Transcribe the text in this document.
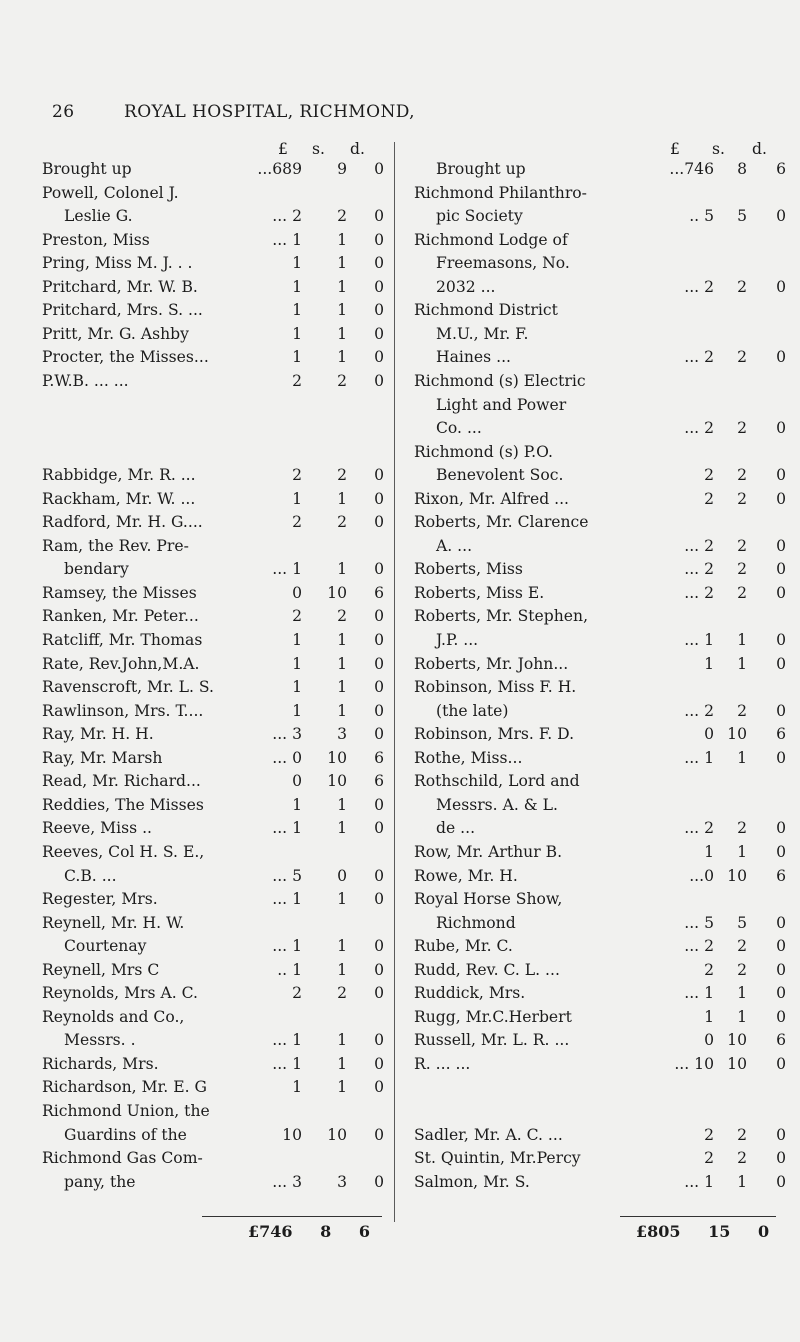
26	ROYAL HOSPITAL, RICHMOND,
£ s. d.
Brought up	...689	9	0
Powell, Colonel J.
Leslie G.	... 2	2	0
Preston, Miss	... 1	1	0
Pring, Miss M. J. . .	1	1	0
Pritchard, Mr. W. B.	1	1	0
Pritchard, Mrs. S. ...	1	1	0
Pritt, Mr. G. Ashby	1	1	0
Procter, the Misses...	1	1	0
P.W.B. ... ...	2	2	0
Rabbidge, Mr. R. ...	2	2	0
Rackham, Mr. W. ...	1	1	0
Radford, Mr. H. G....	2	2	0
Ram, the Rev. Pre-
bendary	... 1	1	0
Ramsey, the Misses	0	10	6
Ranken, Mr. Peter...	2	2	0
Ratcliff, Mr. Thomas	1	1	0
Rate, Rev.John,M.A.	1	1	0
Ravenscroft, Mr. L. S.	1	1	0
Rawlinson, Mrs. T....	1	1	0
Ray, Mr. H. H.	... 3	3	0
Ray, Mr. Marsh	... 0	10	6
Read, Mr. Richard...	0	10	6
Reddies, The Misses	1	1	0
Reeve, Miss ..	... 1	1	0
Reeves, Col H. S. E.,
C.B. ...	... 5	0	0
Regester, Mrs.	... 1	1	0
Reynell, Mr. H. W.
Courtenay	... 1	1	0
Reynell, Mrs C	.. 1	1	0
Reynolds, Mrs A. C.	2	2	0
Reynolds and Co.,
Messrs. .	... 1	1	0
Richards, Mrs.	... 1	1	0
Richardson, Mr. E. G	1	1	0
Richmond Union, the
Guardins of the	10	10	0
Richmond Gas Com-
pany, the	... 3	3	0
£746 8 6
£ s. d.
Brought up	...746	8	6
Richmond Philanthro-
pic Society	.. 5	5	0
Richmond Lodge of
Freemasons, No.
2032 ...	... 2	2	0
Richmond District
M.U., Mr. F.
Haines ...	... 2	2	0
Richmond (s) Electric
Light and Power
Co. ...	... 2	2	0
Richmond (s) P.O.
Benevolent Soc.	2	2	0
Rixon, Mr. Alfred ...	2	2	0
Roberts, Mr. Clarence
A. ...	... 2	2	0
Roberts, Miss	... 2	2	0
Roberts, Miss E.	... 2	2	0
Roberts, Mr. Stephen,
J.P. ...	... 1	1	0
Roberts, Mr. John...	1	1	0
Robinson, Miss F. H.
(the late)	... 2	2	0
Robinson, Mrs. F. D.	0 10	6
Rothe, Miss...	... 1	1	0
Rothschild, Lord and
Messrs. A. & L.
de ...	... 2	2	0
Row, Mr. Arthur B.	1	1	0
Rowe, Mr. H.	...0 10	6
Royal Horse Show,
Richmond	... 5	5	0
Rube, Mr. C.	... 2	2	0
Rudd, Rev. C. L. ...	2	2	0
Ruddick, Mrs.	... 1	1	0
Rugg, Mr.C.Herbert	1	1	0
Russell, Mr. L. R. ...	0 10	6
R. ... ...	... 10 10	0
Sadler, Mr. A. C. ...	2	2	0
St. Quintin, Mr.Percy	2	2	0
Salmon, Mr. S.	... 1	1	0
£805 15 0
